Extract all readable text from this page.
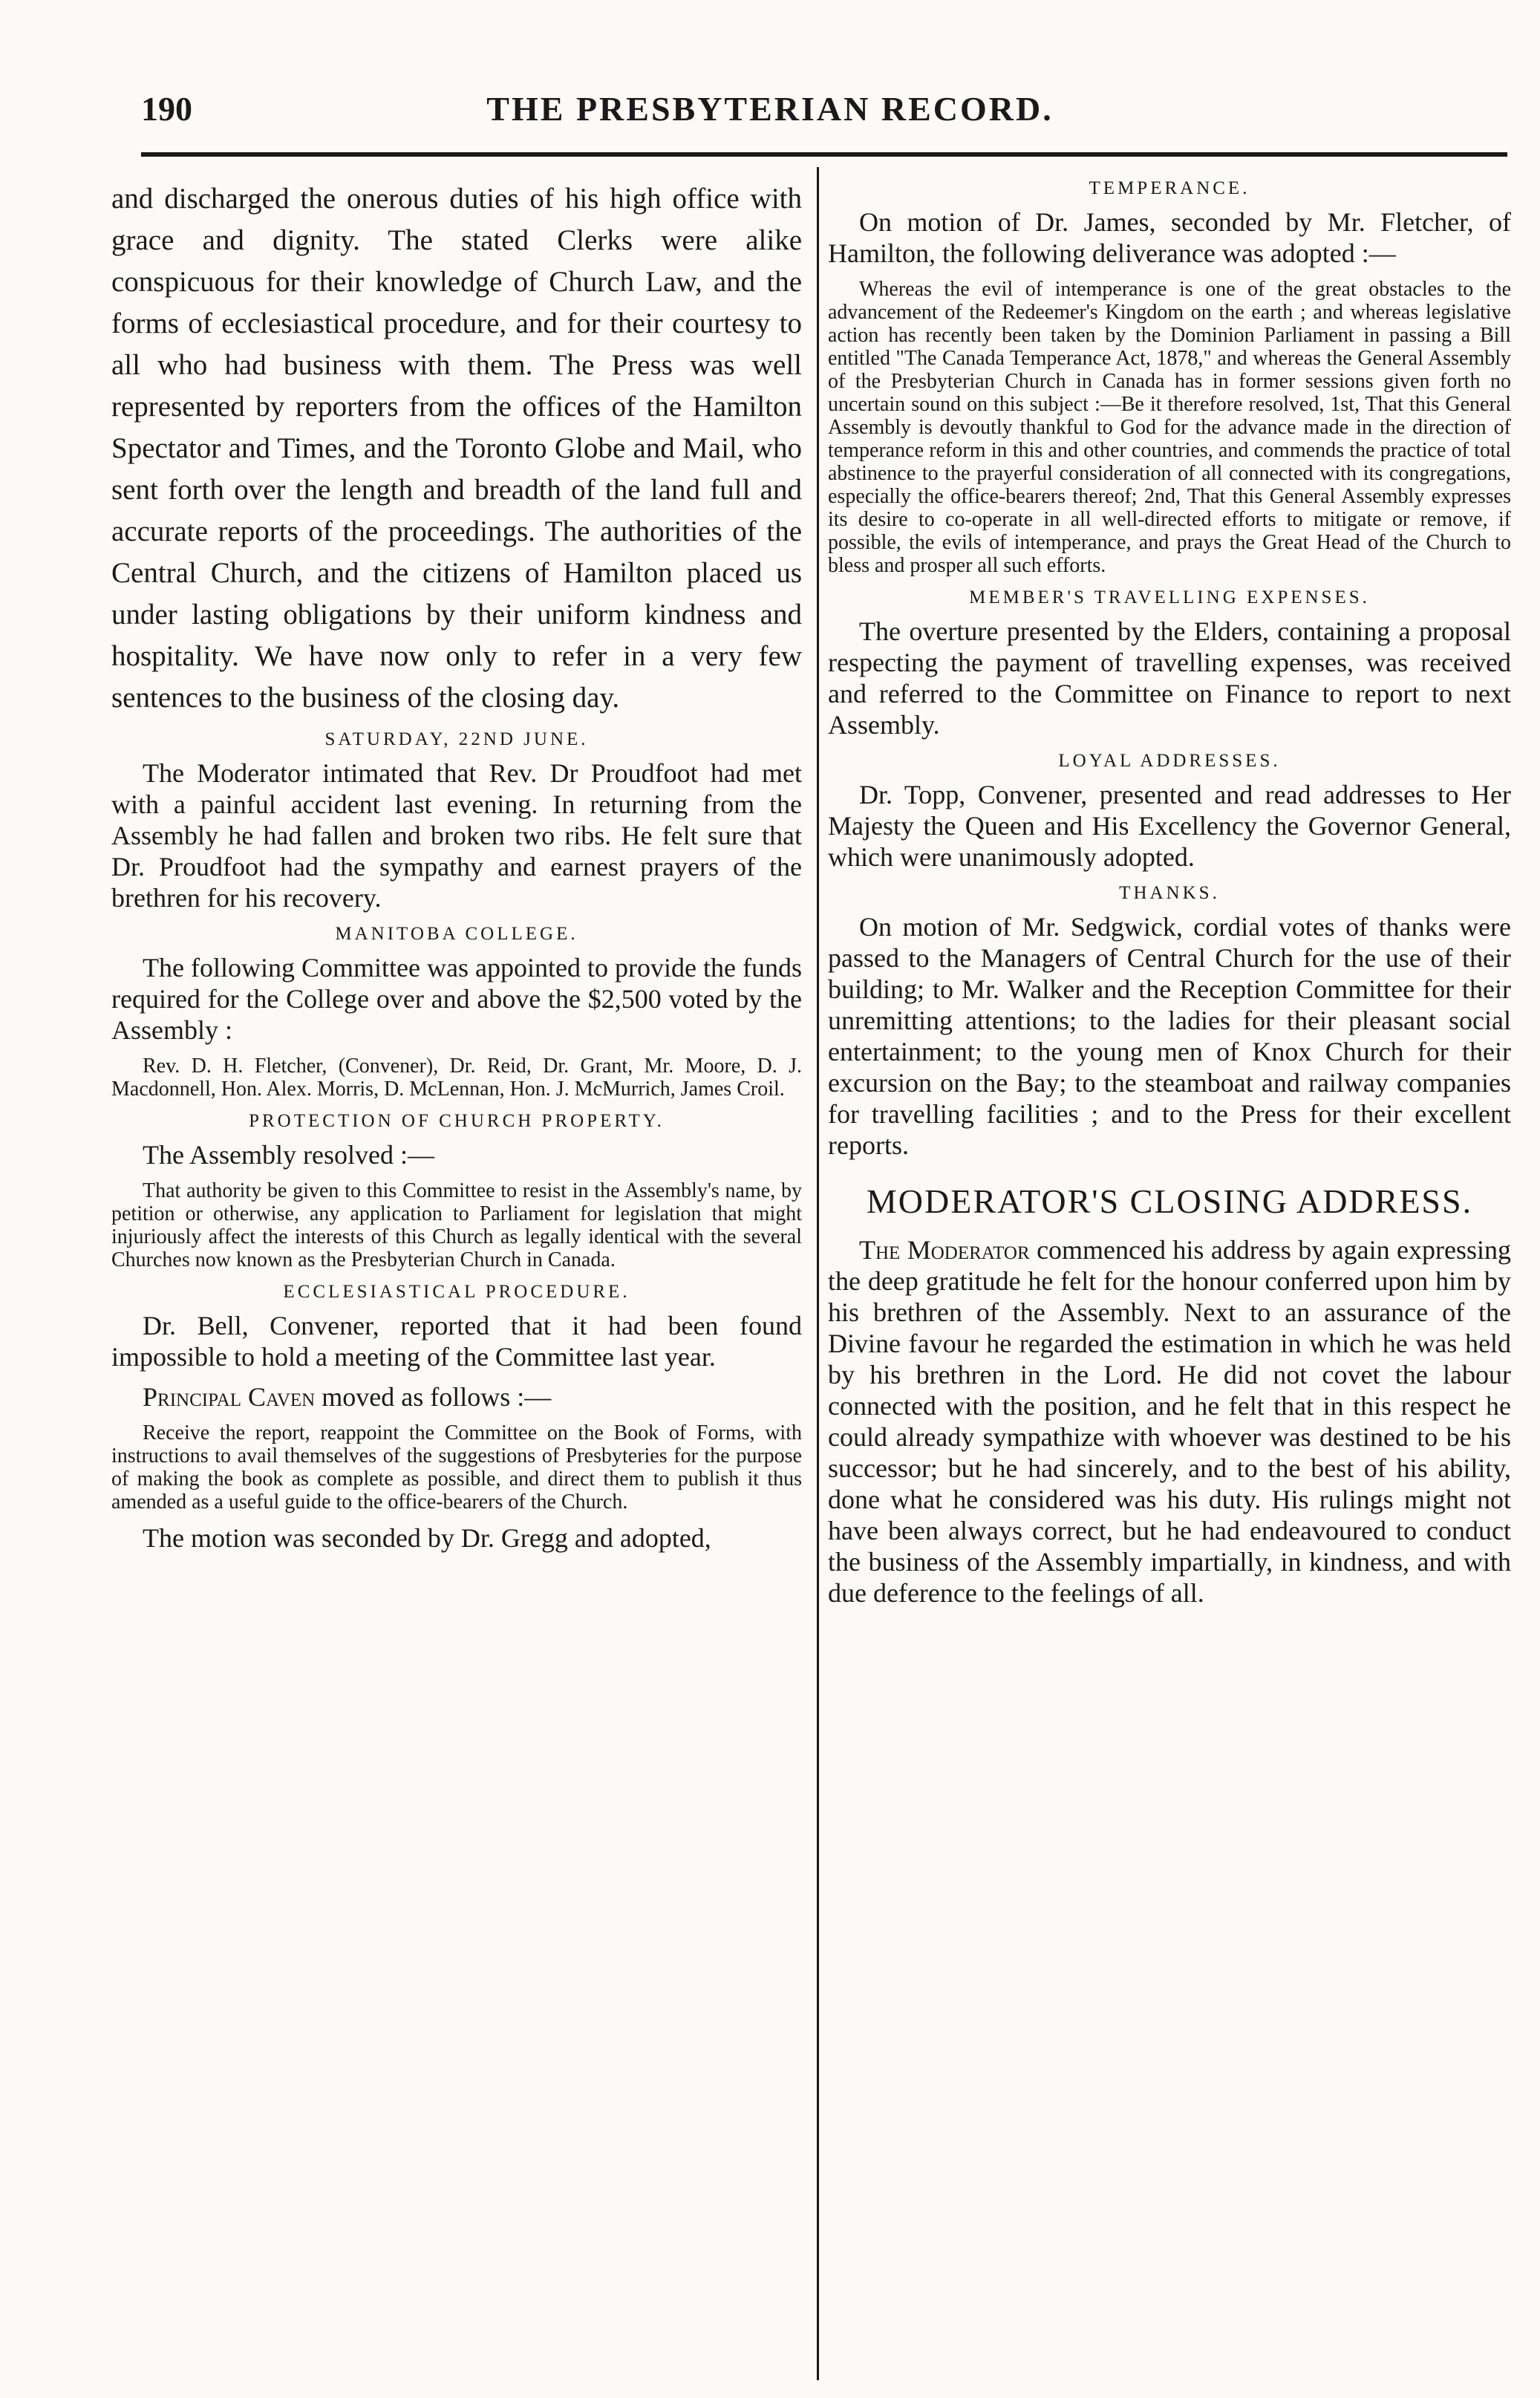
190	THE PRESBYTERIAN RECORD.

and discharged the onerous duties of his high office with grace and dignity. The stated Clerks were alike conspicuous for their knowledge of Church Law, and the forms of ecclesiastical procedure, and for their courtesy to all who had business with them. The Press was well represented by reporters from the offices of the Hamilton Spectator and Times, and the Toronto Globe and Mail, who sent forth over the length and breadth of the land full and accurate reports of the proceedings. The authorities of the Central Church, and the citizens of Hamilton placed us under lasting obligations by their uniform kindness and hospitality. We have now only to refer in a very few sentences to the business of the closing day.

SATURDAY, 22ND JUNE.

The Moderator intimated that Rev. Dr Proudfoot had met with a painful accident last evening. In returning from the Assembly he had fallen and broken two ribs. He felt sure that Dr. Proudfoot had the sympathy and earnest prayers of the brethren for his recovery.

MANITOBA COLLEGE.

The following Committee was appointed to provide the funds required for the College over and above the $2,500 voted by the Assembly :

Rev. D. H. Fletcher, (Convener), Dr. Reid, Dr. Grant, Mr. Moore, D. J. Macdonnell, Hon. Alex. Morris, D. McLennan, Hon. J. McMurrich, James Croil.

PROTECTION OF CHURCH PROPERTY.

The Assembly resolved :—

That authority be given to this Committee to resist in the Assembly's name, by petition or otherwise, any application to Parliament for legislation that might injuriously affect the interests of this Church as legally identical with the several Churches now known as the Presbyterian Church in Canada.

ECCLESIASTICAL PROCEDURE.

Dr. Bell, Convener, reported that it had been found impossible to hold a meeting of the Committee last year.

Principal Caven moved as follows :—

Receive the report, reappoint the Committee on the Book of Forms, with instructions to avail themselves of the suggestions of Presbyteries for the purpose of making the book as complete as possible, and direct them to publish it thus amended as a useful guide to the office-bearers of the Church.

The motion was seconded by Dr. Gregg and adopted,

TEMPERANCE.

On motion of Dr. James, seconded by Mr. Fletcher, of Hamilton, the following deliverance was adopted :—

Whereas the evil of intemperance is one of the great obstacles to the advancement of the Redeemer's Kingdom on the earth ; and whereas legislative action has recently been taken by the Dominion Parliament in passing a Bill entitled "The Canada Temperance Act, 1878," and whereas the General Assembly of the Presbyterian Church in Canada has in former sessions given forth no uncertain sound on this subject :—Be it therefore resolved, 1st, That this General Assembly is devoutly thankful to God for the advance made in the direction of temperance reform in this and other countries, and commends the practice of total abstinence to the prayerful consideration of all connected with its congregations, especially the office-bearers thereof; 2nd, That this General Assembly expresses its desire to co-operate in all well-directed efforts to mitigate or remove, if possible, the evils of intemperance, and prays the Great Head of the Church to bless and prosper all such efforts.

MEMBER'S TRAVELLING EXPENSES.

The overture presented by the Elders, containing a proposal respecting the payment of travelling expenses, was received and referred to the Committee on Finance to report to next Assembly.

LOYAL ADDRESSES.

Dr. Topp, Convener, presented and read addresses to Her Majesty the Queen and His Excellency the Governor General, which were unanimously adopted.

THANKS.

On motion of Mr. Sedgwick, cordial votes of thanks were passed to the Managers of Central Church for the use of their building; to Mr. Walker and the Reception Committee for their unremitting attentions; to the ladies for their pleasant social entertainment; to the young men of Knox Church for their excursion on the Bay; to the steamboat and railway companies for travelling facilities ; and to the Press for their excellent reports.

MODERATOR'S CLOSING ADDRESS.

The Moderator commenced his address by again expressing the deep gratitude he felt for the honour conferred upon him by his brethren of the Assembly. Next to an assurance of the Divine favour he regarded the estimation in which he was held by his brethren in the Lord. He did not covet the labour connected with the position, and he felt that in this respect he could already sympathize with whoever was destined to be his successor; but he had sincerely, and to the best of his ability, done what he considered was his duty. His rulings might not have been always correct, but he had endeavoured to conduct the business of the Assembly impartially, in kindness, and with due deference to the feelings of all.
